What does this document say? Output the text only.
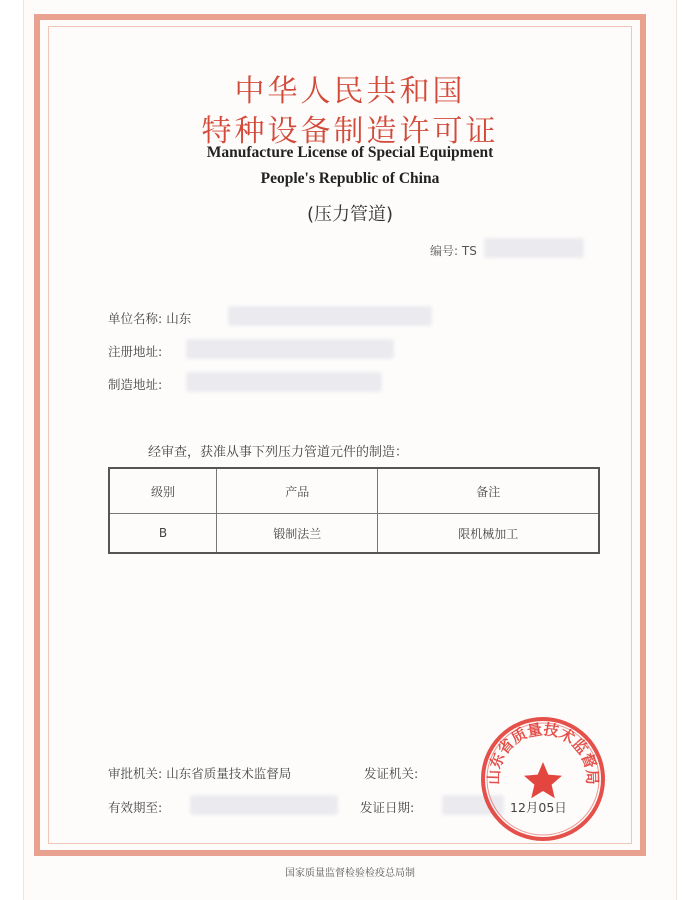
中华人民共和国
特种设备制造许可证
Manufacture License of Special Equipment
People's Republic of China
(压力管道)
编号: TS
单位名称: 山东
注册地址:
制造地址:
经审查，获准从事下列压力管道元件的制造：
级别	产品	备注
B	锻制法兰	限机械加工
审批机关: 山东省质量技术监督局	发证机关:
有效期至:	发证日期:	12月05日
山东省质量技术监督局
国家质量监督检验检疫总局制
